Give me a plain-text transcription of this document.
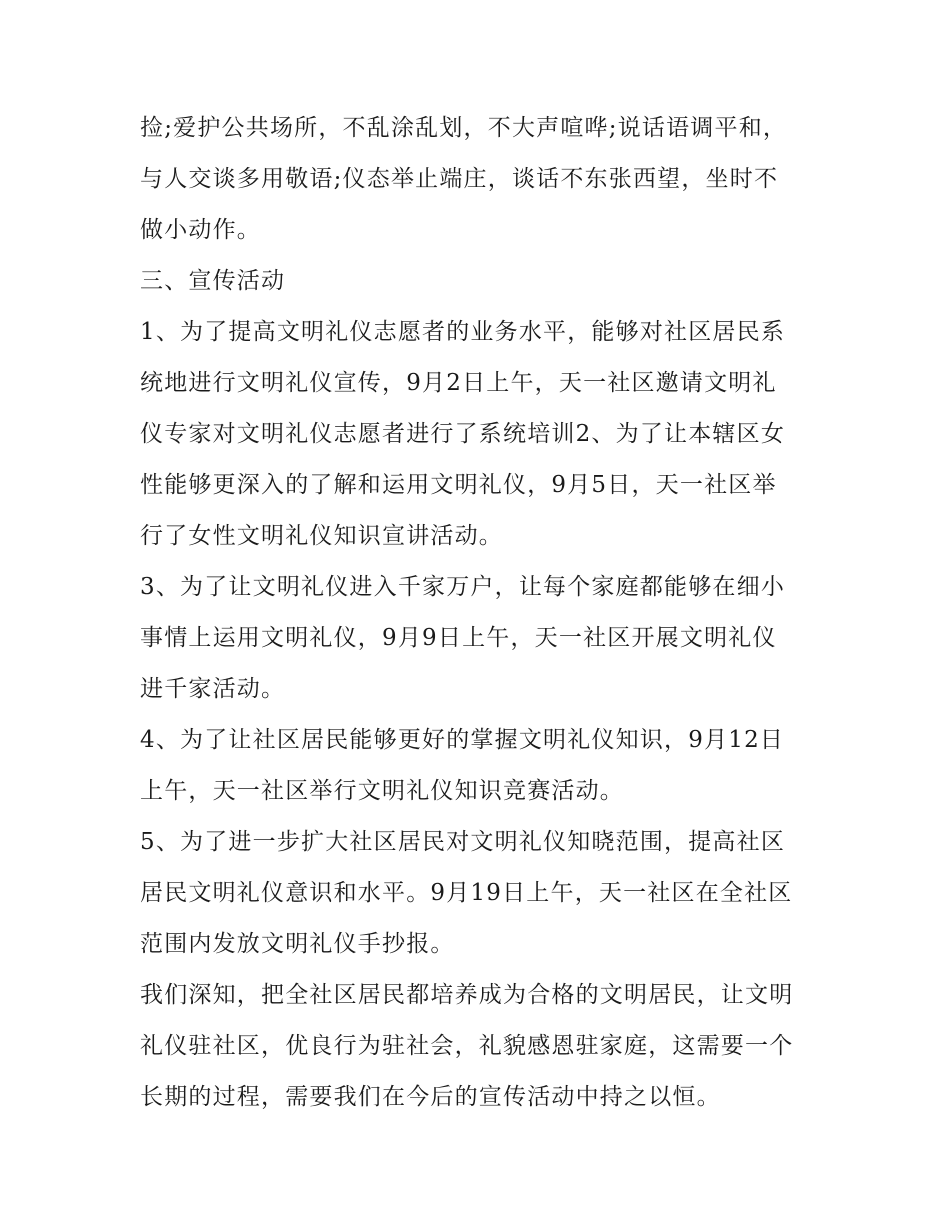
捡;爱护公共场所，不乱涂乱划，不大声喧哗;说话语调平和，
与人交谈多用敬语;仪态举止端庄，谈话不东张西望，坐时不
做小动作。
三、宣传活动
1、为了提高文明礼仪志愿者的业务水平，能够对社区居民系
统地进行文明礼仪宣传，9月2日上午，天一社区邀请文明礼
仪专家对文明礼仪志愿者进行了系统培训2、为了让本辖区女
性能够更深入的了解和运用文明礼仪，9月5日，天一社区举
行了女性文明礼仪知识宣讲活动。
3、为了让文明礼仪进入千家万户，让每个家庭都能够在细小
事情上运用文明礼仪，9月9日上午，天一社区开展文明礼仪
进千家活动。
4、为了让社区居民能够更好的掌握文明礼仪知识，9月12日
上午，天一社区举行文明礼仪知识竞赛活动。
5、为了进一步扩大社区居民对文明礼仪知晓范围，提高社区
居民文明礼仪意识和水平。9月19日上午，天一社区在全社区
范围内发放文明礼仪手抄报。
我们深知，把全社区居民都培养成为合格的文明居民，让文明
礼仪驻社区，优良行为驻社会，礼貌感恩驻家庭，这需要一个
长期的过程，需要我们在今后的宣传活动中持之以恒。
